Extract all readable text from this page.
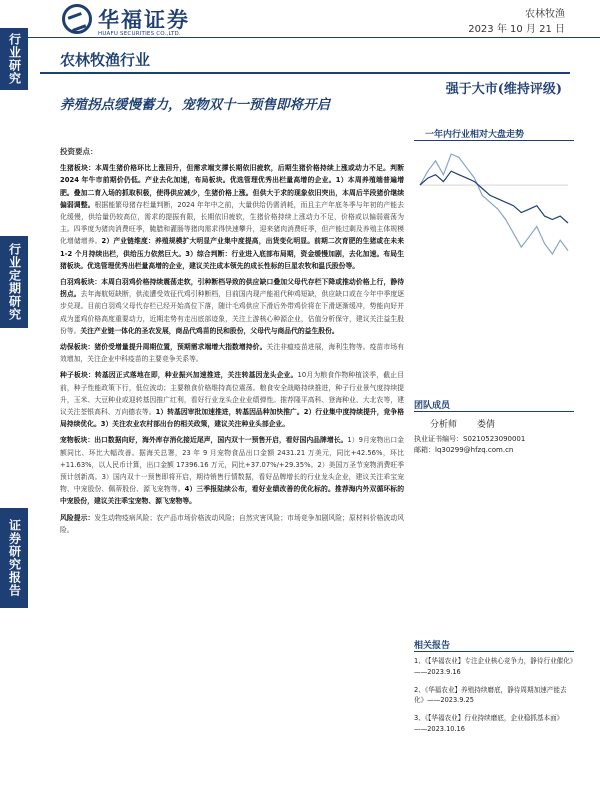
行业研究
行业定期研究
证券研究报告
华福证券
HUAFU SECURITIES CO.,LTD.
农林牧渔
2023 年 10 月 21 日
农林牧渔行业
强于大市(维持评级)
养殖拐点缓慢蓄力，宠物双十一预售即将开启
一年内行业相对大盘走势
投资要点：
生猪板块：本周生猪价格环比上涨回升，但需求端支撑长期依旧疲软，后期生猪价格持续上涨或动力不足。判断 2024 年牛市前期价仍低。产业去化加速，布局板块。优选管理优秀出栏量高增的企业。1）本周养殖端普遍增肥。叠加二育入场的抓取积极，使得供应减少，生猪价格上涨。但供大于求的现象依旧突出，本周后半段猪价继续偏弱调整。根据能繁母猪存栏量判断，2024 年年中之前，大量供给仍需消耗，而且主产年底冬季与年初的产能去化缓慢，供给量仍较高位，需求的提振有限，长期依旧疲软，生猪价格持续上涨动力不足，价格或以偏弱震荡为主。四季度为猪肉消费旺季，腌腊和灌肠等猪肉需求得快速攀升，迎来猪肉消费旺季，但产能过剩及养殖主体规模化增储增养。2）产业链维度：养殖规模扩大明显产业集中度提高，出货变化明显。前期二次育肥的生猪或在未来 1-2 个月持续出栏，供给压力依然巨大。3）综合判断：行业进入底部布局期，资金缓慢加剧，去化加速。布局生猪板块。优选管理优秀出栏量高增的企业，建议关注成本领先的成长性标的巨星农牧和温氏股份等。
白羽鸡板块：本周白羽鸡价格持续震荡走软，引种断档导致的供应缺口叠加父母代存栏下降或推动价格上行，静待拐点。去年海航短缺断，供流遭受效征代鸡引种断档，目前国内现产能祖代种鸡短缺，供应缺口或在今年中季度逐步兑现。目前白羽鸡父母代存栏已经开始高位下落，随计毛鸡供应下滑后外带鸡价将在下滑逐渐缓冲，势能向好并成为蛋鸡价格高度重要动力，近期走势有走出底部迹象，关注上游核心种源企业，估值分析保守，建议关注益生股份等。关注产业链一体化的圣农发展，商品代鸡苗的民和股份，父母代与商品代的益生股份。
动保板块：猪价受增量提升周期位置，预期需求端增大指数增持价。关注非瘟疫苗进展，海利生物等。疫苗市场有效增加，关注企业中科疫苗的主要竞争关系等。
种子板块：转基因正式落地在即，种业振兴加速推进，关注转基因龙头企业。10月为粮食作物种植淡季，截止目前，种子性能政策下行，低位波动；主要粮食价格维持高位震荡。粮食安全战略持续推进，种子行业景气度持续提升，玉米、大豆种业或迎转基因推广红利，看好行业龙头企业业绩弹性。推荐隆平高科、登海种业、大北农等，建议关注荃银高科、万向德农等。1）转基因审批加速推进，转基因品种加快推广。2）行业集中度持续提升，竞争格局持续优化。3）关注农业农村部出台的相关政策，建议关注种业头部企业。
宠物板块：出口数据向好，海外库存消化接近尾声，国内双十一预售开启，看好国内品牌增长。1）9月宠物出口金额同比、环比大幅改善。据海关总署，23 年 9 月宠物食品出口金额 2431.21 万美元，同比+42.56%，环比+11.63%，以人民币计算，出口金额 17396.16 万元，同比+37.07%/+29.35%。2）美国万圣节宠物消费旺季预计创新高。3）国内双十一预售即将开启，期待销售行情数据，看好品牌增长的行业龙头企业，建议关注乖宝宠物、中宠股份、佩蒂股份、源飞宠物等。4）三季报陆续公布，看好业绩改善的优化标的。推荐海内外双循环标的中宠股份，建议关注乖宝宠物、源飞宠物等。
风险提示：发生动物疫病风险；农产品市场价格波动风险；自然灾害风险；市场竞争加剧风险；原材料价格波动风险。
团队成员
分析师 娄倩
执业证书编号：S0210523090001
邮箱：lq30299@hfzq.com.cn
相关报告
1、《【华福农业】专注企业核心竞争力，静待行业催化》——2023.9.16
2、《华福农业】养殖持续磨底，静待周期加速产能去化》——2023.9.25
3、《【华福农业】行业持续磨底，企业稳抓基本面》——2023.10.16
